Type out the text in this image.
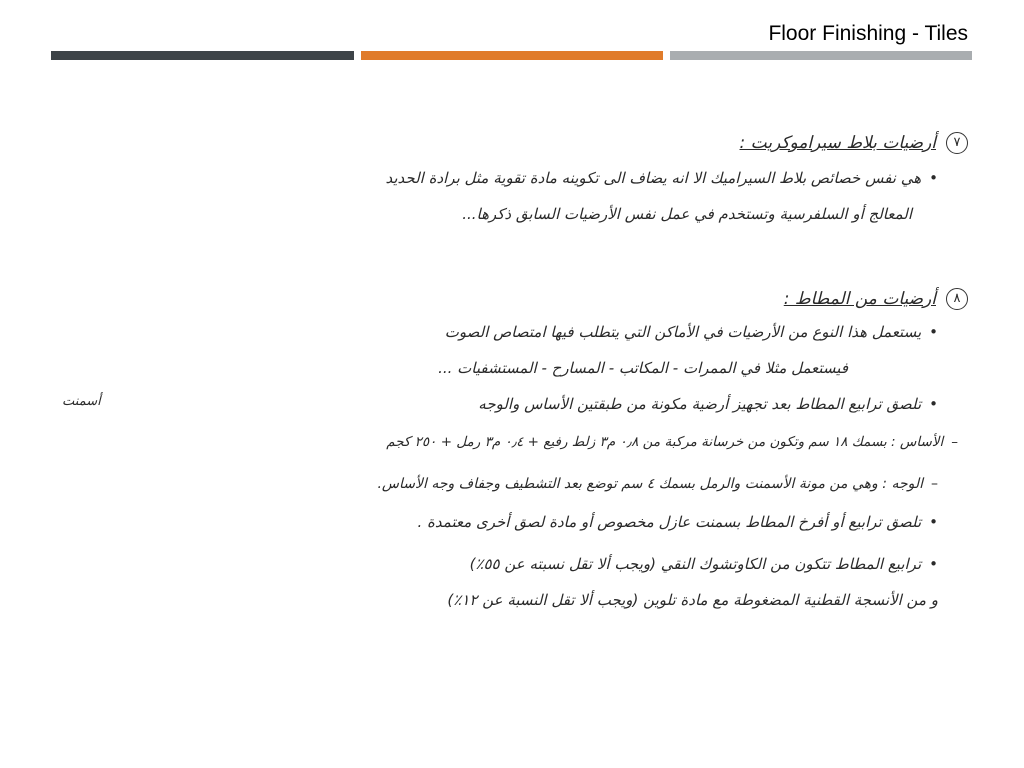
Floor Finishing - Tiles
٧أرضيات بلاط سيراموكريت :
•هي نفس خصائص بلاط السيراميك الا انه يضاف الى تكوينه مادة تقوية مثل برادة الحديد
المعالج أو السلفرسية وتستخدم في عمل نفس الأرضيات السابق ذكرها...
٨أرضيات من المطاط :
•يستعمل هذا النوع من الأرضيات في الأماكن التي يتطلب فيها امتصاص الصوت
فيستعمل مثلا في الممرات - المكاتب - المسارح - المستشفيات ...
•تلصق ترابيع المطاط بعد تجهيز أرضية مكونة من طبقتين الأساس والوجه
أسمنت
–الأساس : بسمك ١٨ سم وتكون من خرسانة مركبة من ٠٫٨ م٣ زلط رفيع + ٠٫٤ م٣ رمل + ٢٥٠ كجم
–الوجه : وهي من مونة الأسمنت والرمل بسمك ٤ سم توضع بعد التشطيف وجفاف وجه الأساس.
•تلصق ترابيع أو أفرخ المطاط بسمنت عازل مخصوص أو مادة لصق أخرى معتمدة .
•ترابيع المطاط تتكون من الكاوتشوك النقي (ويجب ألا تقل نسبته عن ٥٥٪)
و من الأنسجة القطنية المضغوطة مع مادة تلوين (ويجب ألا تقل النسبة عن ١٢٪)
